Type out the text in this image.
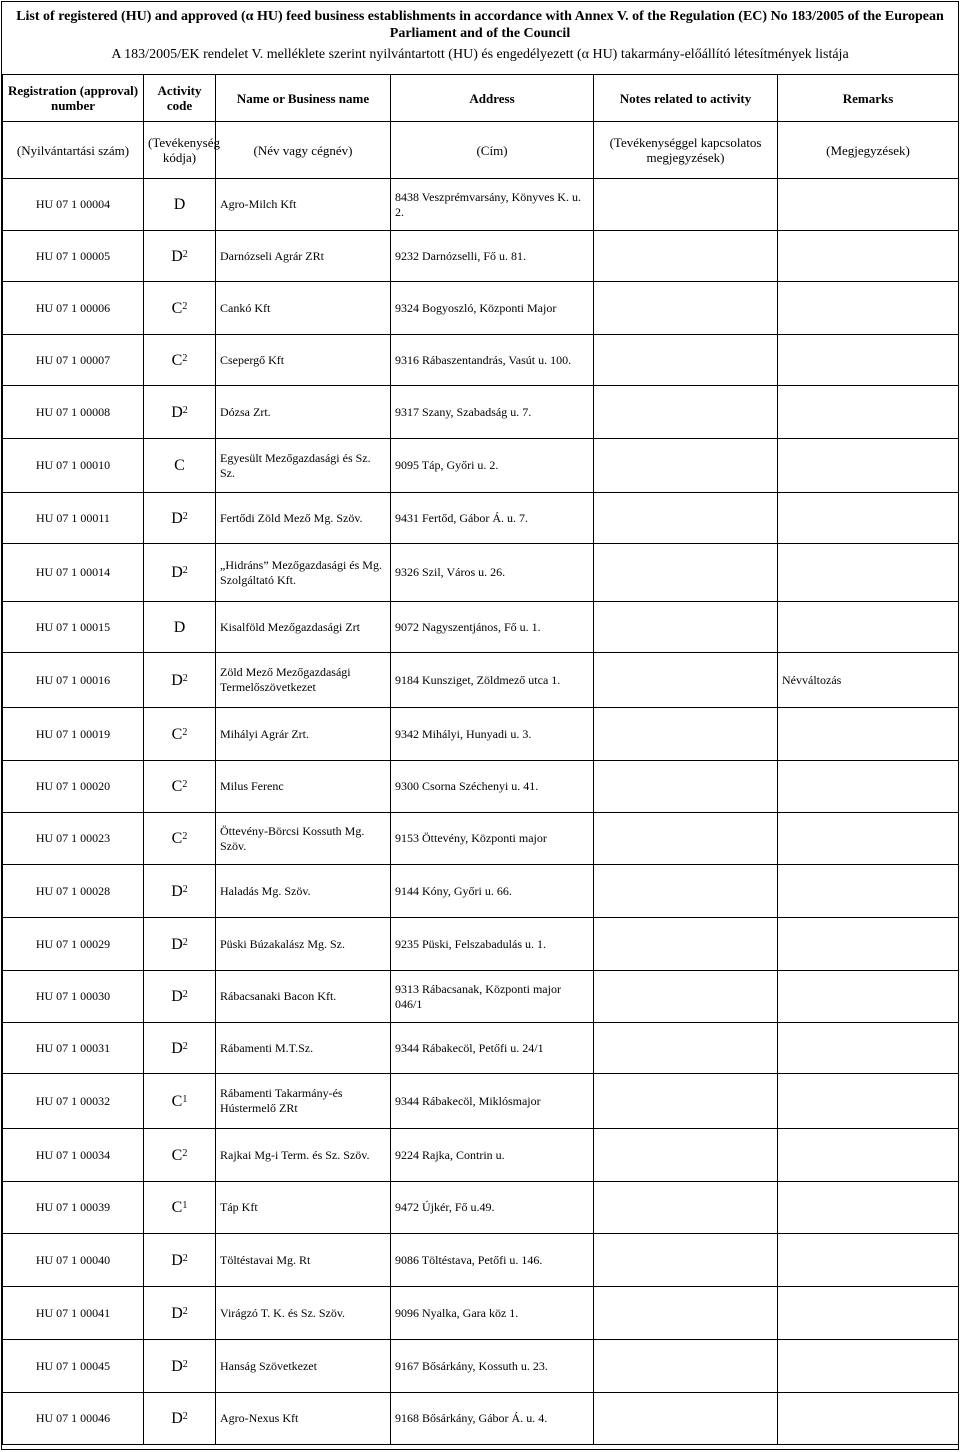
List of registered (HU) and approved (α HU) feed business establishments in accordance with Annex V. of the Regulation (EC) No 183/2005 of the European Parliament and of the Council
A 183/2005/EK rendelet V. melléklete szerint nyilvántartott (HU) és engedélyezett (α HU) takarmány-előállító létesítmények listája
Registration (approval) number	Activity code	Name or Business name	Address	Notes related to activity	Remarks
(Nyilvántartási szám)	(Tevékenység kódja)	(Név vagy cégnév)	(Cím)	(Tevékenységgel kapcsolatos megjegyzések)	(Megjegyzések)
HU 07 1 00004	D	Agro-Milch Kft	8438 Veszprémvarsány, Könyves K. u. 2.		
HU 07 1 00005	$D^2$	Darnózseli Agrár ZRt	9232 Darnózselli, Fő u. 81.		
HU 07 1 00006	$C^2$	Cankó Kft	9324 Bogyoszló, Központi Major		
HU 07 1 00007	$C^2$	Csepergő Kft	9316 Rábaszentandrás, Vasút u. 100.		
HU 07 1 00008	$D^2$	Dózsa Zrt.	9317 Szany, Szabadság u. 7.		
HU 07 1 00010	C	Egyesült Mezőgazdasági és Sz. Sz.	9095 Táp, Győri u. 2.		
HU 07 1 00011	$D^2$	Fertődi Zöld Mező Mg. Szöv.	9431 Fertőd, Gábor Á. u. 7.		
HU 07 1 00014	$D^2$	„Hidráns” Mezőgazdasági és Mg. Szolgáltató Kft.	9326 Szil, Város u. 26.		
HU 07 1 00015	D	Kisalföld Mezőgazdasági Zrt	9072 Nagyszentjános, Fő u. 1.		
HU 07 1 00016	$D^2$	Zöld Mező Mezőgazdasági Termelőszövetkezet	9184 Kunsziget, Zöldmező utca 1.		Névváltozás
HU 07 1 00019	$C^2$	Mihályi Agrár Zrt.	9342 Mihályi, Hunyadi u. 3.		
HU 07 1 00020	$C^2$	Milus Ferenc	9300 Csorna Széchenyi u. 41.		
HU 07 1 00023	$C^2$	Öttevény-Börcsi Kossuth Mg. Szöv.	9153 Öttevény, Központi major		
HU 07 1 00028	$D^2$	Haladás Mg. Szöv.	9144 Kóny, Győri u. 66.		
HU 07 1 00029	$D^2$	Püski Búzakalász Mg. Sz.	9235 Püski, Felszabadulás u. 1.		
HU 07 1 00030	$D^2$	Rábacsanaki Bacon Kft.	9313 Rábacsanak, Központi major 046/1		
HU 07 1 00031	$D^2$	Rábamenti M.T.Sz.	9344 Rábakecöl, Petőfi u. 24/1		
HU 07 1 00032	$C^1$	Rábamenti Takarmány-és Hústermelő ZRt	9344 Rábakecöl, Miklósmajor		
HU 07 1 00034	$C^2$	Rajkai Mg-i Term. és Sz. Szöv.	9224 Rajka, Contrin u.		
HU 07 1 00039	$C^1$	Táp Kft	9472 Újkér, Fő u.49.		
HU 07 1 00040	$D^2$	Töltéstavai Mg. Rt	9086 Töltéstava, Petőfi u. 146.		
HU 07 1 00041	$D^2$	Virágzó T. K. és Sz. Szöv.	9096 Nyalka, Gara köz 1.		
HU 07 1 00045	$D^2$	Hanság Szövetkezet	9167 Bősárkány, Kossuth u. 23.		
HU 07 1 00046	$D^2$	Agro-Nexus Kft	9168 Bősárkány, Gábor Á. u. 4.		
